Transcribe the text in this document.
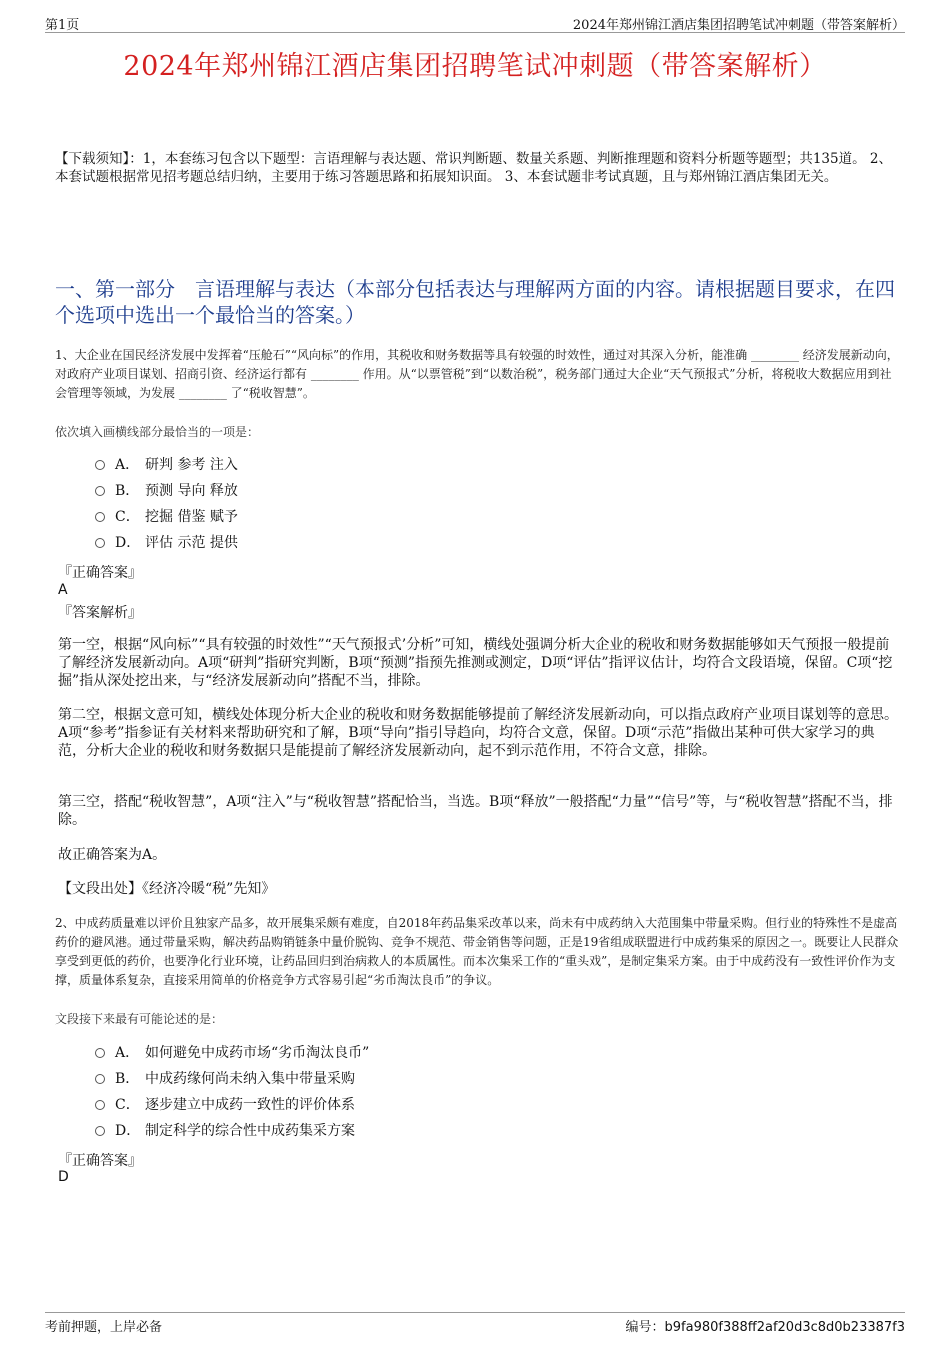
第1页	2024年郑州锦江酒店集团招聘笔试冲刺题（带答案解析）
2024年郑州锦江酒店集团招聘笔试冲刺题（带答案解析）
【下载须知】：1，本套练习包含以下题型：言语理解与表达题、常识判断题、数量关系题、判断推理题和资料分析题等题型；共135道。 2、本套试题根据常见招考题总结归纳，主要用于练习答题思路和拓展知识面。 3、本套试题非考试真题，且与郑州锦江酒店集团无关。
一、第一部分　言语理解与表达（本部分包括表达与理解两方面的内容。请根据题目要求，在四个选项中选出一个最恰当的答案。）
1、大企业在国民经济发展中发挥着“压舱石”“风向标”的作用，其税收和财务数据等具有较强的时效性，通过对其深入分析，能准确 ________ 经济发展新动向，对政府产业项目谋划、招商引资、经济运行都有 ________ 作用。从“以票管税”到“以数治税”，税务部门通过大企业“天气预报式”分析，将税收大数据应用到社会管理等领域，为发展 ________ 了“税收智慧”。
依次填入画横线部分最恰当的一项是：
A． 研判 参考 注入
B． 预测 导向 释放
C． 挖掘 借鉴 赋予
D． 评估 示范 提供
『正确答案』
A
『答案解析』
第一空，根据“风向标”“具有较强的时效性”“天气预报式’分析”可知，横线处强调分析大企业的税收和财务数据能够如天气预报一般提前了解经济发展新动向。A项“研判”指研究判断，B项“预测”指预先推测或测定，D项“评估”指评议估计，均符合文段语境，保留。C项“挖掘”指从深处挖出来，与“经济发展新动向”搭配不当，排除。
第二空，根据文意可知，横线处体现分析大企业的税收和财务数据能够提前了解经济发展新动向，可以指点政府产业项目谋划等的意思。A项“参考”指参证有关材料来帮助研究和了解，B项“导向”指引导趋向，均符合文意，保留。D项“示范”指做出某种可供大家学习的典范，分析大企业的税收和财务数据只是能提前了解经济发展新动向，起不到示范作用，不符合文意，排除。
第三空，搭配“税收智慧”，A项“注入”与“税收智慧”搭配恰当，当选。B项“释放”一般搭配“力量”“信号”等，与“税收智慧”搭配不当，排除。
故正确答案为A。
【文段出处】《经济冷暖“税”先知》
2、中成药质量难以评价且独家产品多，故开展集采颇有难度，自2018年药品集采改革以来，尚未有中成药纳入大范围集中带量采购。但行业的特殊性不是虚高药价的避风港。通过带量采购，解决药品购销链条中量价脱钩、竞争不规范、带金销售等问题，正是19省组成联盟进行中成药集采的原因之一。既要让人民群众享受到更低的药价，也要净化行业环境，让药品回归到治病救人的本质属性。而本次集采工作的“重头戏”，是制定集采方案。由于中成药没有一致性评价作为支撑，质量体系复杂，直接采用简单的价格竞争方式容易引起“劣币淘汰良币”的争议。
文段接下来最有可能论述的是：
A． 如何避免中成药市场“劣币淘汰良币”
B． 中成药缘何尚未纳入集中带量采购
C． 逐步建立中成药一致性的评价体系
D． 制定科学的综合性中成药集采方案
『正确答案』
D
考前押题，上岸必备	编号：b9fa980f388ff2af20d3c8d0b23387f3
